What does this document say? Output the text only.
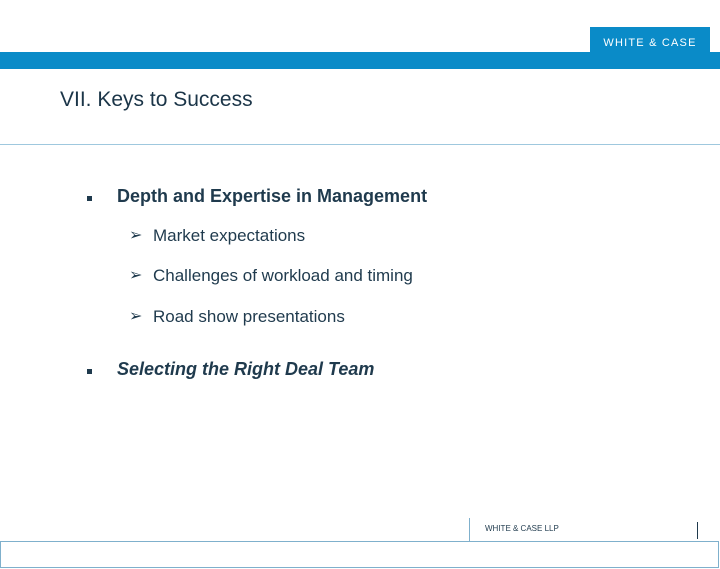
WHITE & CASE
VII. Keys to Success
Depth and Expertise in Management
➢ Market expectations
➢ Challenges of workload and timing
➢ Road show presentations
Selecting the Right Deal Team
WHITE & CASE LLP
